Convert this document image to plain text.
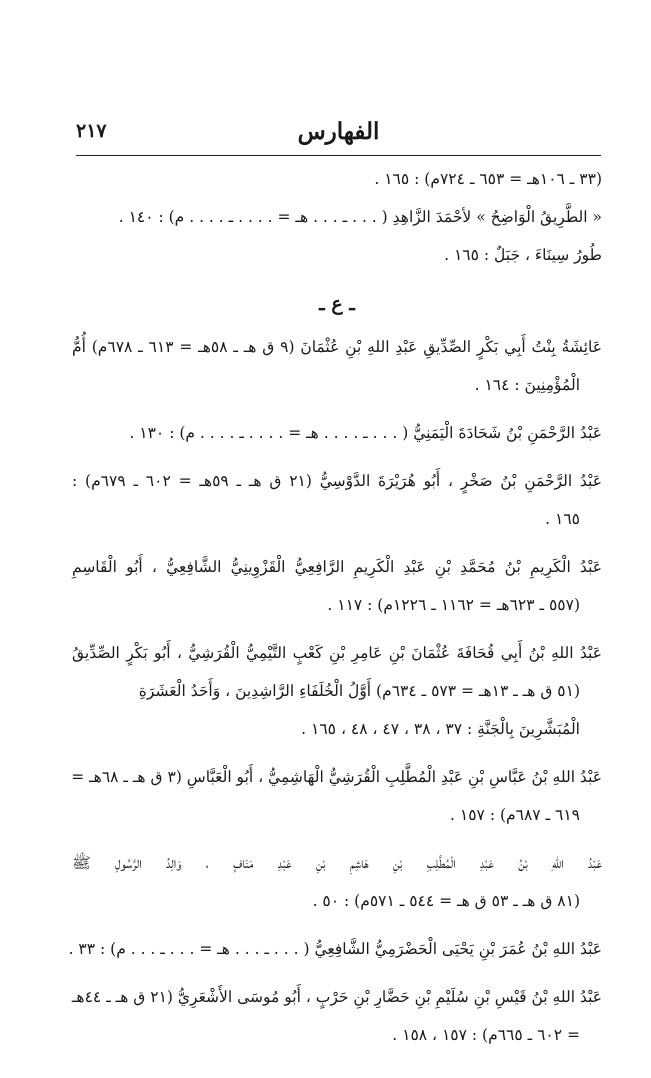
الفهارس
٢١٧
(٣٣ ـ ١٠٦هـ = ٦٥٣ ـ ٧٢٤م) : ١٦٥ .
« الطَّرِيقُ الْوَاضِحُ » لأحْمَدَ الزَّاهِدِ ( . . . ـ . . . هـ = . . . . ـ . . . . م) : ١٤٠ .
طُورُ سِينَاءَ ، جَبَلٌ : ١٦٥ .
ـ ع ـ
عَائِشَةُ بِنْتُ أَبِي بَكْرٍ الصِّدِّيقِ عَبْدِ اللهِ بْنِ عُثْمَانَ (٩ ق هـ ـ ٥٨هـ = ٦١٣ ـ ٦٧٨م) أُمُّ
الْمُؤْمِنِينَ : ١٦٤ .
عَبْدُ الرَّحْمَنِ بْنُ شَحَادَةَ الْيَمَنِيُّ ( . . . ـ . . . . هـ = . . . . ـ . . . . م) : ١٣٠ .
عَبْدُ الرَّحْمَنِ بْنُ صَخْرٍ ، أَبُو هُرَيْرَةَ الدَّوْسِيُّ (٢١ ق هـ ـ ٥٩هـ = ٦٠٢ ـ ٦٧٩م) :
١٦٥ .
عَبْدُ الْكَرِيمِ بْنُ مُحَمَّدِ بْنِ عَبْدِ الْكَرِيمِ الرَّافِعِيُّ الْقَزْوِينِيُّ الشَّافِعِيُّ ، أَبُو الْقَاسِمِ
(٥٥٧ ـ ٦٢٣هـ = ١١٦٢ ـ ١٢٢٦م) : ١١٧ .
عَبْدُ اللهِ بْنُ أَبِي قُحَافَةَ عُثْمَانَ بْنِ عَامِرِ بْنِ كَعْبٍ التَّيْمِيُّ الْقُرَشِيُّ ، أَبُو بَكْرٍ الصِّدِّيقُ
(٥١ ق هـ ـ ١٣هـ = ٥٧٣ ـ ٦٣٤م) أَوَّلُ الْخُلَفَاءِ الرَّاشِدِينَ ، وَأَحَدُ الْعَشَرَةِ
الْمُبَشَّرِينَ بِالْجَنَّةِ : ٣٧ ، ٣٨ ، ٤٧ ، ٤٨ ، ١٦٥ .
عَبْدُ اللهِ بْنُ عَبَّاسِ بْنِ عَبْدِ الْمُطَّلِبِ الْقُرَشِيُّ الْهَاشِمِيُّ ، أَبُو الْعَبَّاسِ (٣ ق هـ ـ ٦٨هـ =
٦١٩ ـ ٦٨٧م) : ١٥٧ .
عَبْدُ اللهِ بْنُ عَبْدِ الْمُطَّلِبِ بْنِ هَاشِمِ بْنِ عَبْدِ مَنَافٍ ، وَالِدُ الرَّسُولِ ﷺ
(٨١ ق هـ ـ ٥٣ ق هـ = ٥٤٤ ـ ٥٧١م) : ٥٠ .
عَبْدُ اللهِ بْنُ عُمَرَ بْنِ يَحْيَى الْحَضْرَمِيُّ الشَّافِعِيُّ ( . . . ـ . . . هـ = . . . ـ . . . م) : ٣٣ .
عَبْدُ اللهِ بْنُ قَيْسِ بْنِ سُلَيْمِ بْنِ حَضَّارِ بْنِ حَرْبٍ ، أَبُو مُوسَى الأَشْعَرِيُّ (٢١ ق هـ ـ ٤٤هـ
= ٦٠٢ ـ ٦٦٥م) : ١٥٧ ، ١٥٨ .
